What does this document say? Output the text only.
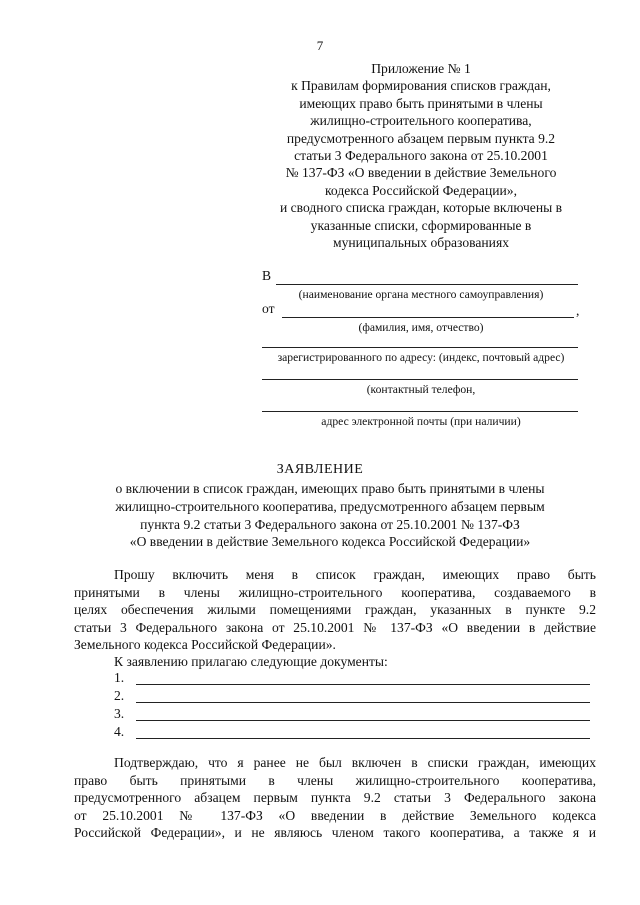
7
Приложение № 1
к Правилам формирования списков граждан,
имеющих право быть принятыми в члены
жилищно-строительного кооператива,
предусмотренного абзацем первым пункта 9.2
статьи 3 Федерального закона от 25.10.2001
№ 137-ФЗ «О введении в действие Земельного
кодекса Российской Федерации»,
и сводного списка граждан, которые включены в
указанные списки, сформированные в
муниципальных образованиях
В
(наименование органа местного самоуправления)
от	,
(фамилия, имя, отчество)
зарегистрированного по адресу: (индекс, почтовый адрес)
(контактный телефон,
адрес электронной почты (при наличии)
ЗАЯВЛЕНИЕ
о включении в список граждан, имеющих право быть принятыми в члены
жилищно-строительного кооператива, предусмотренного абзацем первым
пункта 9.2 статьи 3 Федерального закона от 25.10.2001 № 137-ФЗ
«О введении в действие Земельного кодекса Российской Федерации»
Прошу включить меня в список граждан, имеющих право быть
принятыми в члены жилищно-строительного кооператива, создаваемого в
целях обеспечения жилыми помещениями граждан, указанных в пункте 9.2
статьи 3 Федерального закона от 25.10.2001 № 137-ФЗ «О введении в действие
Земельного кодекса Российской Федерации».
К заявлению прилагаю следующие документы:
1.
2.
3.
4.
Подтверждаю, что я ранее не был включен в списки граждан, имеющих
право быть принятыми в члены жилищно-строительного кооператива,
предусмотренного абзацем первым пункта 9.2 статьи 3 Федерального закона
от 25.10.2001 № 137-ФЗ «О введении в действие Земельного кодекса
Российской Федерации», и не являюсь членом такого кооператива, а также я и
